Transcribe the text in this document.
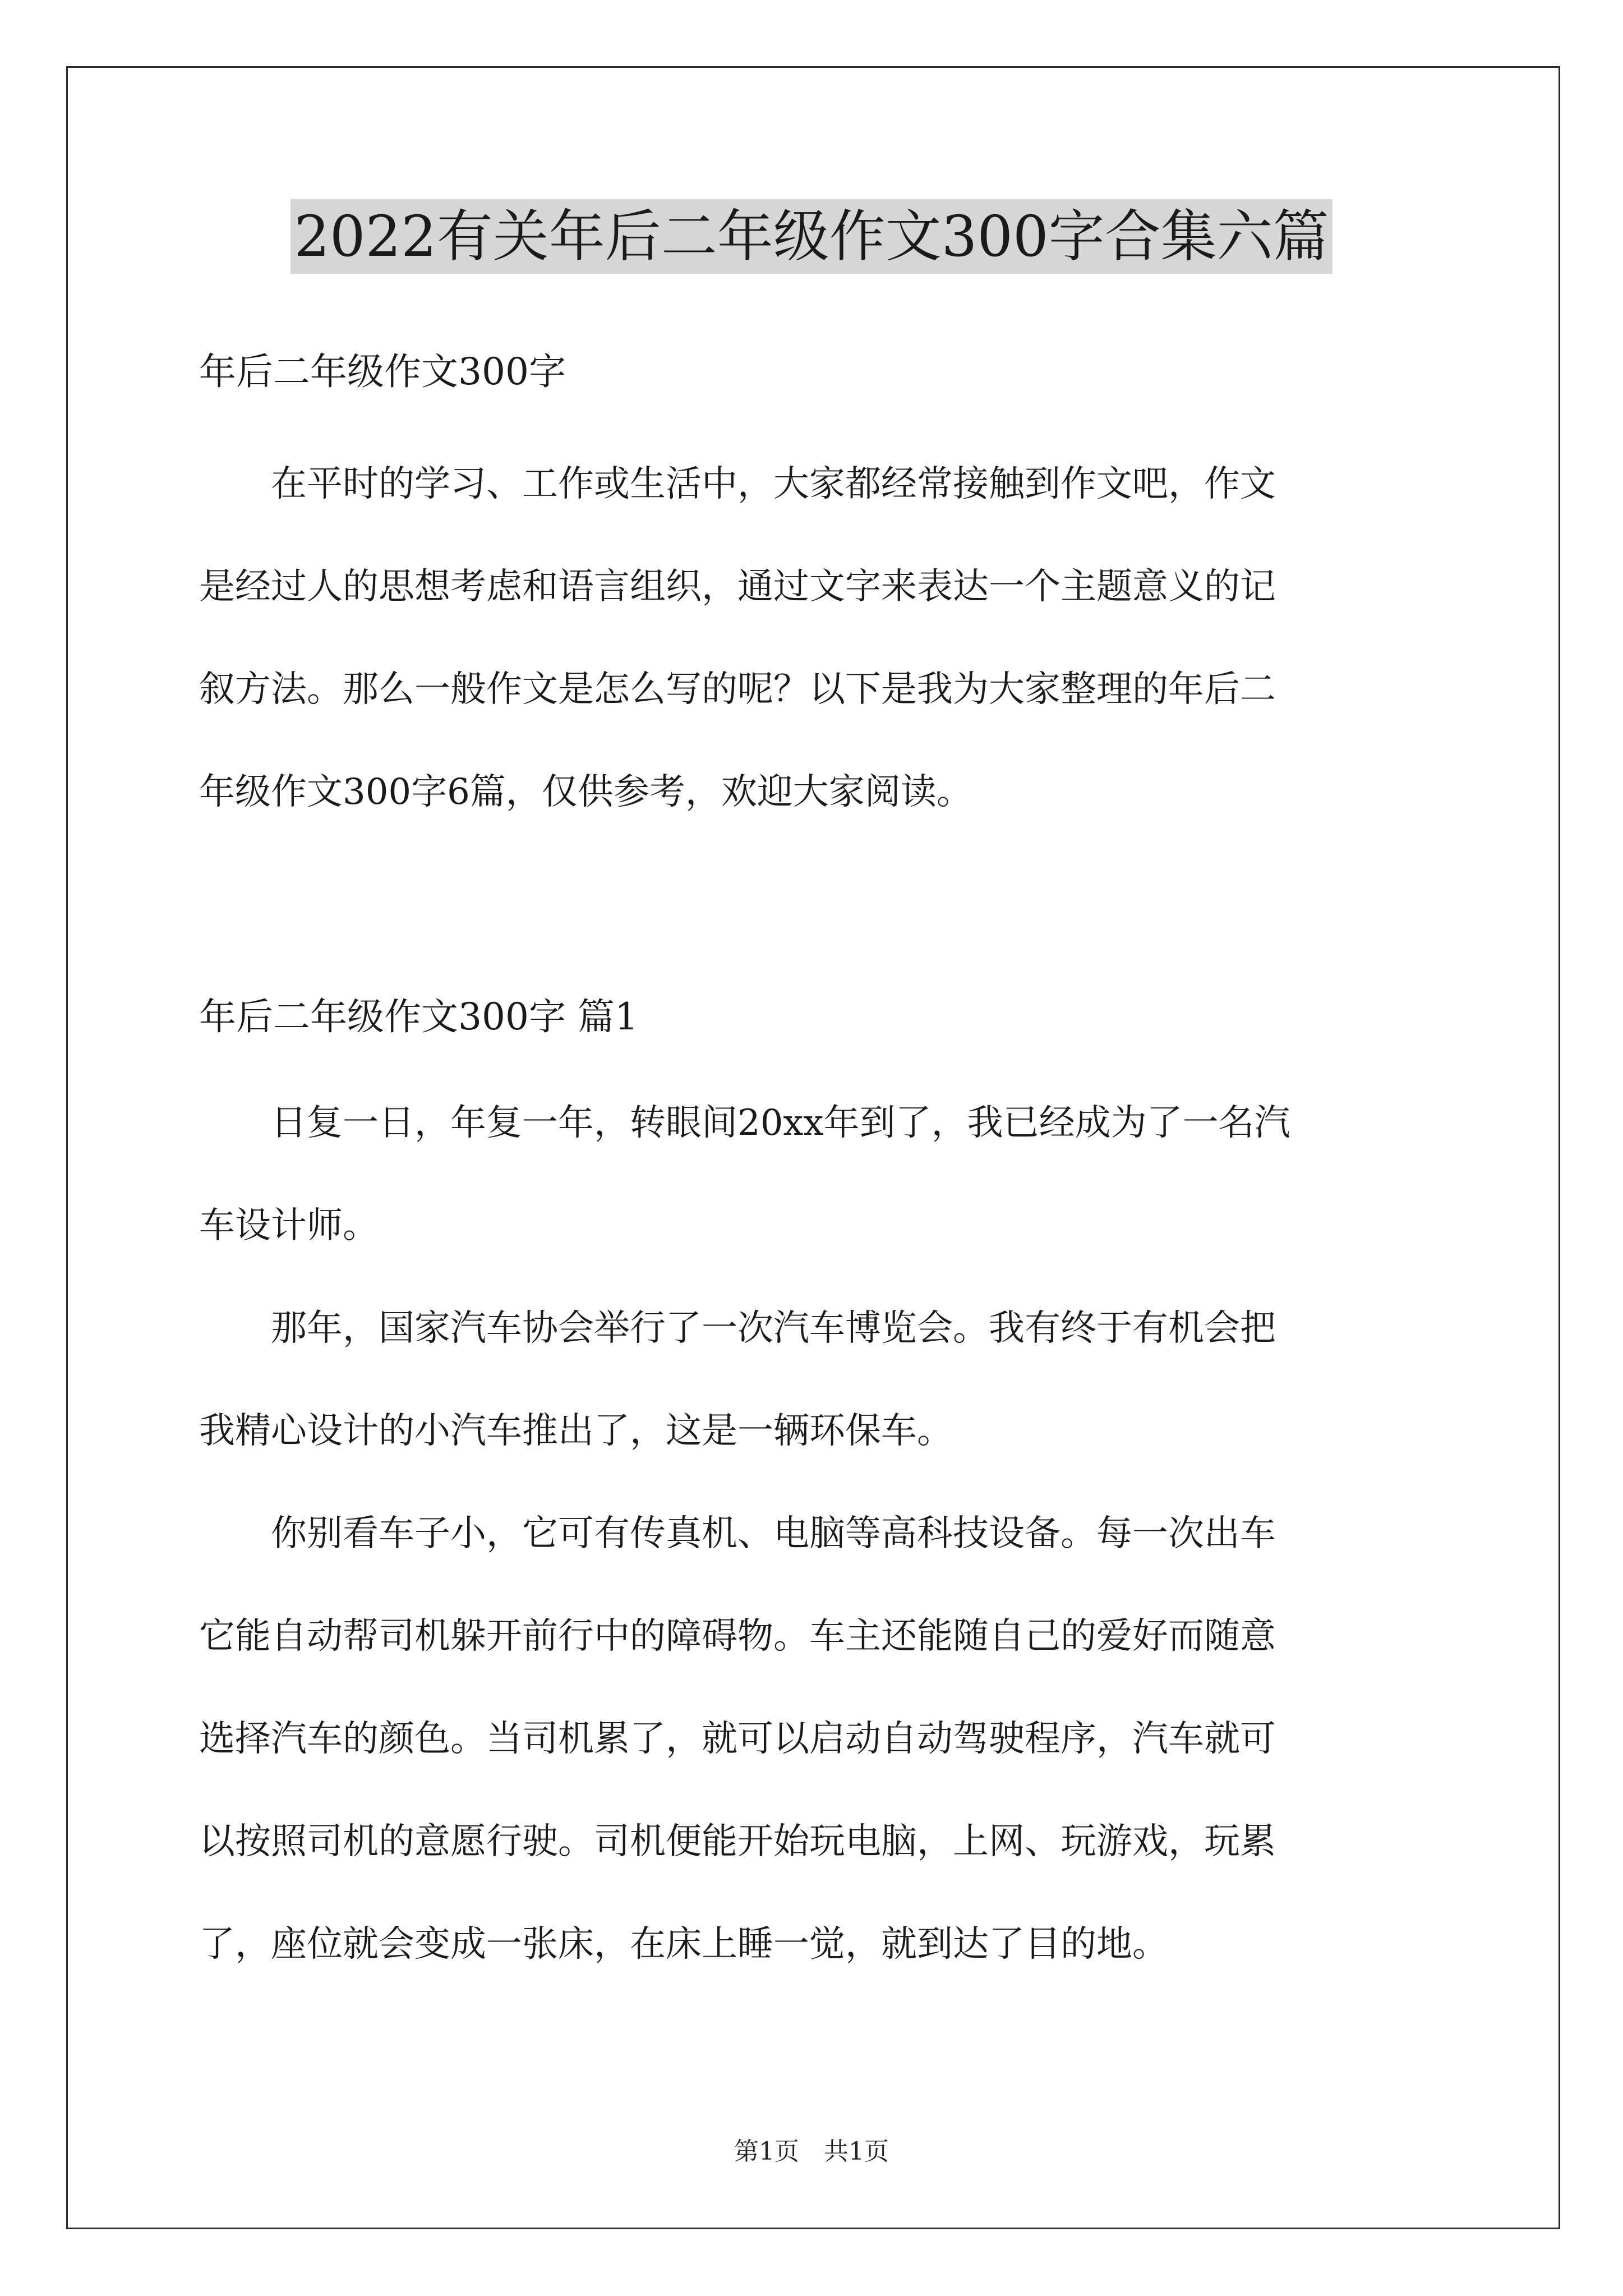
2022有关年后二年级作文300字合集六篇

年后二年级作文300字

　　在平时的学习、工作或生活中，大家都经常接触到作文吧，作文

是经过人的思想考虑和语言组织，通过文字来表达一个主题意义的记

叙方法。那么一般作文是怎么写的呢？以下是我为大家整理的年后二

年级作文300字6篇，仅供参考，欢迎大家阅读。

年后二年级作文300字 篇1

　　日复一日，年复一年，转眼间20xx年到了，我已经成为了一名汽

车设计师。

　　那年，国家汽车协会举行了一次汽车博览会。我有终于有机会把

我精心设计的小汽车推出了，这是一辆环保车。

　　你别看车子小，它可有传真机、电脑等高科技设备。每一次出车

它能自动帮司机躲开前行中的障碍物。车主还能随自己的爱好而随意

选择汽车的颜色。当司机累了，就可以启动自动驾驶程序，汽车就可

以按照司机的意愿行驶。司机便能开始玩电脑，上网、玩游戏，玩累

了，座位就会变成一张床，在床上睡一觉，就到达了目的地。

第1页　共1页
